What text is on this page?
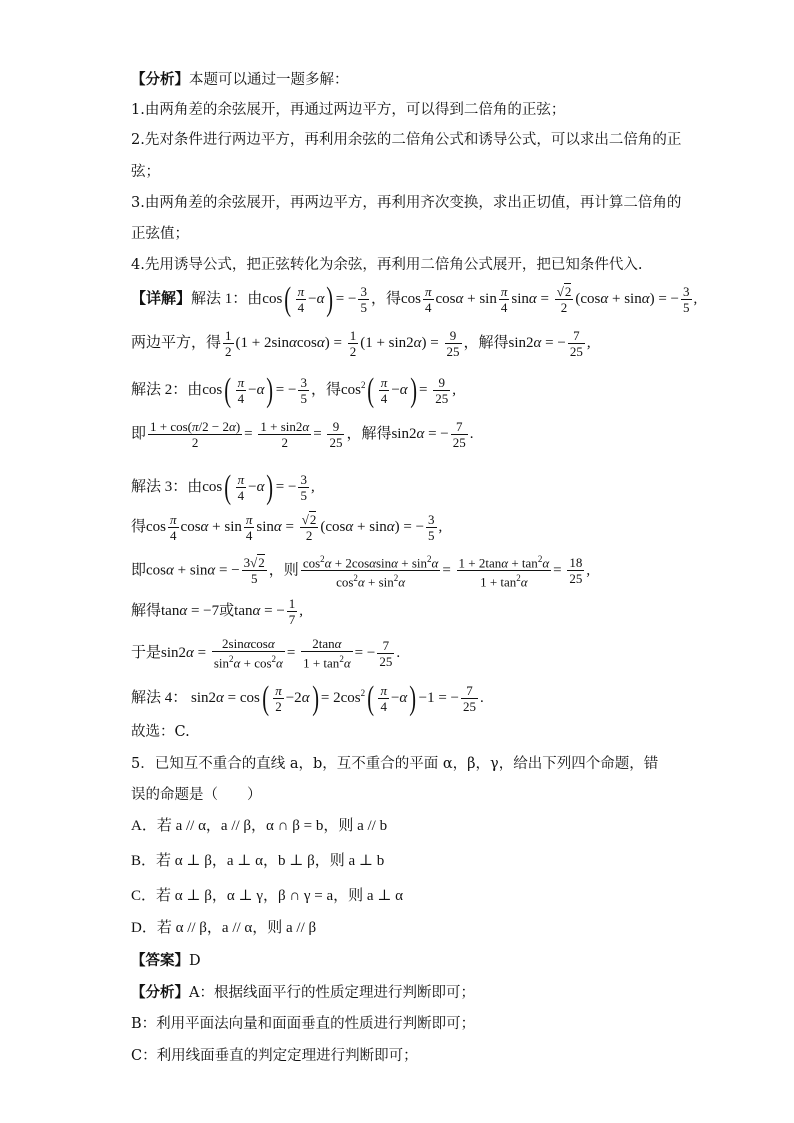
【分析】本题可以通过一题多解：
1.由两角差的余弦展开，再通过两边平方，可以得到二倍角的正弦；
2.先对条件进行两边平方，再利用余弦的二倍角公式和诱导公式，可以求出二倍角的正
弦；
3.由两角差的余弦展开，再两边平方，再利用齐次变换，求出正切值，再计算二倍角的
正弦值；
4.先用诱导公式，把正弦转化为余弦，再利用二倍角公式展开，把已知条件代入.
【详解】解法 1：由$\cos( \frac{\pi}{4} -\alpha)$ = − $\frac{3}{5}$ ，得$\cos \frac{\pi}{4}$ $\cos\alpha + \sin \frac{\pi}{4}$ $\sin\alpha = \frac{√2}{2} (\cos\alpha + \sin\alpha)$ = − $\frac{3}{5}$ ,
两边平方，得 $\frac{1}{2} (1 + 2\sin\alpha\cos\alpha) = \frac{1}{2} (1 + \sin 2\alpha) = \frac{9}{25}$ ，解得sin2α = − $\frac{7}{25}$ ,
解法 2：由$\cos( \frac{\pi}{4} -\alpha)$ = − $\frac{3}{5}$ ，得$\cos^2( \frac{\pi}{4} -\alpha) = \frac{9}{25}$ ,
即 $\frac{1 + \cos(\pi/2 - 2\alpha)}{2} = \frac{1 + \sin 2\alpha}{2} = \frac{9}{25}$ ，解得sin2α = − $\frac{7}{25}$ .
解法 3：由$\cos( \frac{\pi}{4} -\alpha)$ = − $\frac{3}{5}$ ,
得$\cos \frac{\pi}{4}$ $\cos\alpha + \sin \frac{\pi}{4}$ $\sin\alpha = \frac{√2}{2} (\cos\alpha + \sin\alpha)$ = − $\frac{3}{5}$ ,
即cosα + sinα = − $\frac{3√2}{5}$ ，则 $\frac{\cos^2\alpha + 2\cos\alpha\sin\alpha + \sin^2\alpha}{\cos^2\alpha + \sin^2\alpha} = \frac{1 + 2\tan\alpha + \tan^2\alpha}{1 + \tan^2\alpha} = \frac{18}{25}$ ,
解得tanα = −7或tanα = − $\frac{1}{7}$ ,
于是$\sin 2\alpha = \frac{2\sin\alpha\cos\alpha}{\sin^2\alpha + \cos^2\alpha} = \frac{2\tan\alpha}{1 + \tan^2\alpha}$ = − $\frac{7}{25}$ .
解法 4： $\sin 2\alpha = \cos( \frac{\pi}{2} -2\alpha) = 2\cos^2( \frac{\pi}{4} -\alpha) -1$ = − $\frac{7}{25}$ .
故选：C.
5．已知互不重合的直线 a，b，互不重合的平面 α，β，γ，给出下列四个命题，错
误的命题是（　　）
A．若 a // α，a // β，α ∩ β = b，则 a // b
B．若 α ⊥ β，a ⊥ α，b ⊥ β，则 a ⊥ b
C．若 α ⊥ β，α ⊥ γ，β ∩ γ = a，则 a ⊥ α
D．若 α // β，a // α，则 a // β
【答案】D
【分析】A：根据线面平行的性质定理进行判断即可；
B：利用平面法向量和面面垂直的性质进行判断即可；
C：利用线面垂直的判定定理进行判断即可；
